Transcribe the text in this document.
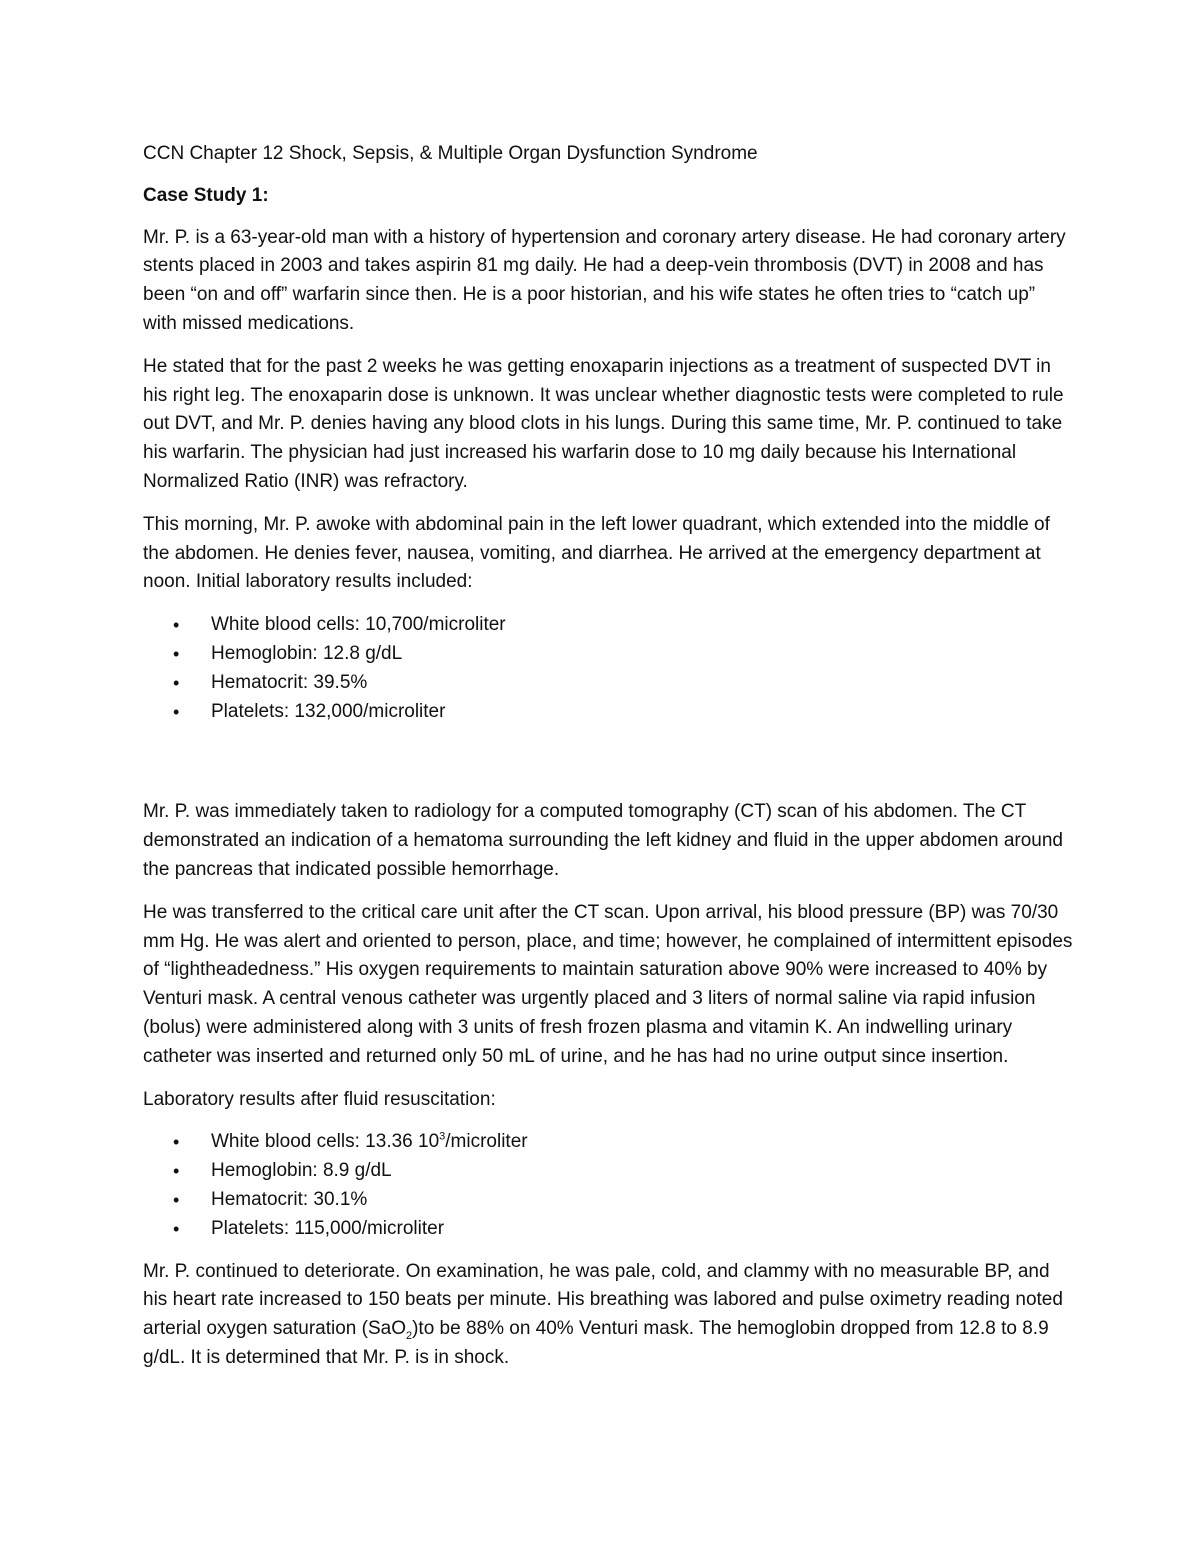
CCN Chapter 12 Shock, Sepsis, & Multiple Organ Dysfunction Syndrome

Case Study 1:

Mr. P. is a 63-year-old man with a history of hypertension and coronary artery disease. He had coronary artery stents placed in 2003 and takes aspirin 81 mg daily. He had a deep-vein thrombosis (DVT) in 2008 and has been “on and off” warfarin since then. He is a poor historian, and his wife states he often tries to “catch up” with missed medications.

He stated that for the past 2 weeks he was getting enoxaparin injections as a treatment of suspected DVT in his right leg. The enoxaparin dose is unknown. It was unclear whether diagnostic tests were completed to rule out DVT, and Mr. P. denies having any blood clots in his lungs. During this same time, Mr. P. continued to take his warfarin. The physician had just increased his warfarin dose to 10 mg daily because his International Normalized Ratio (INR) was refractory.

This morning, Mr. P. awoke with abdominal pain in the left lower quadrant, which extended into the middle of the abdomen. He denies fever, nausea, vomiting, and diarrhea. He arrived at the emergency department at noon. Initial laboratory results included:

• White blood cells: 10,700/microliter
• Hemoglobin: 12.8 g/dL
• Hematocrit: 39.5%
• Platelets: 132,000/microliter

Mr. P. was immediately taken to radiology for a computed tomography (CT) scan of his abdomen. The CT demonstrated an indication of a hematoma surrounding the left kidney and fluid in the upper abdomen around the pancreas that indicated possible hemorrhage.

He was transferred to the critical care unit after the CT scan. Upon arrival, his blood pressure (BP) was 70/30 mm Hg. He was alert and oriented to person, place, and time; however, he complained of intermittent episodes of “lightheadedness.” His oxygen requirements to maintain saturation above 90% were increased to 40% by Venturi mask. A central venous catheter was urgently placed and 3 liters of normal saline via rapid infusion (bolus) were administered along with 3 units of fresh frozen plasma and vitamin K. An indwelling urinary catheter was inserted and returned only 50 mL of urine, and he has had no urine output since insertion.

Laboratory results after fluid resuscitation:

• White blood cells: 13.36 $10^3$/microliter
• Hemoglobin: 8.9 g/dL
• Hematocrit: 30.1%
• Platelets: 115,000/microliter

Mr. P. continued to deteriorate. On examination, he was pale, cold, and clammy with no measurable BP, and his heart rate increased to 150 beats per minute. His breathing was labored and pulse oximetry reading noted arterial oxygen saturation (SaO$_2$)to be 88% on 40% Venturi mask. The hemoglobin dropped from 12.8 to 8.9 g/dL. It is determined that Mr. P. is in shock.
